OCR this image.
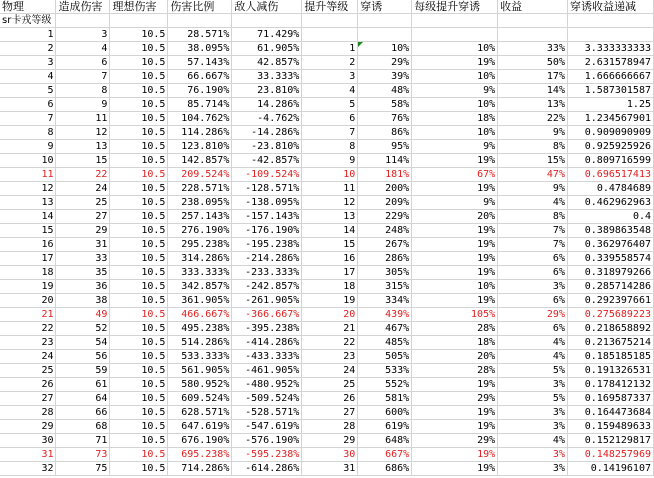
物理	造成伤害	理想伤害	伤害比例	敌人减伤	提升等级	穿诱	每级提升穿诱	收益	穿诱收益递减
sr卡戎等级									
1	3	10.5	28.571%	71.429%					
2	4	10.5	38.095%	61.905%	1	10%	10%	33%	3.333333333
3	6	10.5	57.143%	42.857%	2	29%	19%	50%	2.631578947
4	7	10.5	66.667%	33.333%	3	39%	10%	17%	1.666666667
5	8	10.5	76.190%	23.810%	4	48%	9%	14%	1.587301587
6	9	10.5	85.714%	14.286%	5	58%	10%	13%	1.25
7	11	10.5	104.762%	-4.762%	6	76%	18%	22%	1.234567901
8	12	10.5	114.286%	-14.286%	7	86%	10%	9%	0.909090909
9	13	10.5	123.810%	-23.810%	8	95%	9%	8%	0.925925926
10	15	10.5	142.857%	-42.857%	9	114%	19%	15%	0.809716599
11	22	10.5	209.524%	-109.524%	10	181%	67%	47%	0.696517413
12	24	10.5	228.571%	-128.571%	11	200%	19%	9%	0.4784689
13	25	10.5	238.095%	-138.095%	12	209%	9%	4%	0.462962963
14	27	10.5	257.143%	-157.143%	13	229%	20%	8%	0.4
15	29	10.5	276.190%	-176.190%	14	248%	19%	7%	0.389863548
16	31	10.5	295.238%	-195.238%	15	267%	19%	7%	0.362976407
17	33	10.5	314.286%	-214.286%	16	286%	19%	6%	0.339558574
18	35	10.5	333.333%	-233.333%	17	305%	19%	6%	0.318979266
19	36	10.5	342.857%	-242.857%	18	315%	10%	3%	0.285714286
20	38	10.5	361.905%	-261.905%	19	334%	19%	6%	0.292397661
21	49	10.5	466.667%	-366.667%	20	439%	105%	29%	0.275689223
22	52	10.5	495.238%	-395.238%	21	467%	28%	6%	0.218658892
23	54	10.5	514.286%	-414.286%	22	485%	18%	4%	0.213675214
24	56	10.5	533.333%	-433.333%	23	505%	20%	4%	0.185185185
25	59	10.5	561.905%	-461.905%	24	533%	28%	5%	0.191326531
26	61	10.5	580.952%	-480.952%	25	552%	19%	3%	0.178412132
27	64	10.5	609.524%	-509.524%	26	581%	29%	5%	0.169587337
28	66	10.5	628.571%	-528.571%	27	600%	19%	3%	0.164473684
29	68	10.5	647.619%	-547.619%	28	619%	19%	3%	0.159489633
30	71	10.5	676.190%	-576.190%	29	648%	29%	4%	0.152129817
31	73	10.5	695.238%	-595.238%	30	667%	19%	3%	0.148257969
32	75	10.5	714.286%	-614.286%	31	686%	19%	3%	0.14196107
